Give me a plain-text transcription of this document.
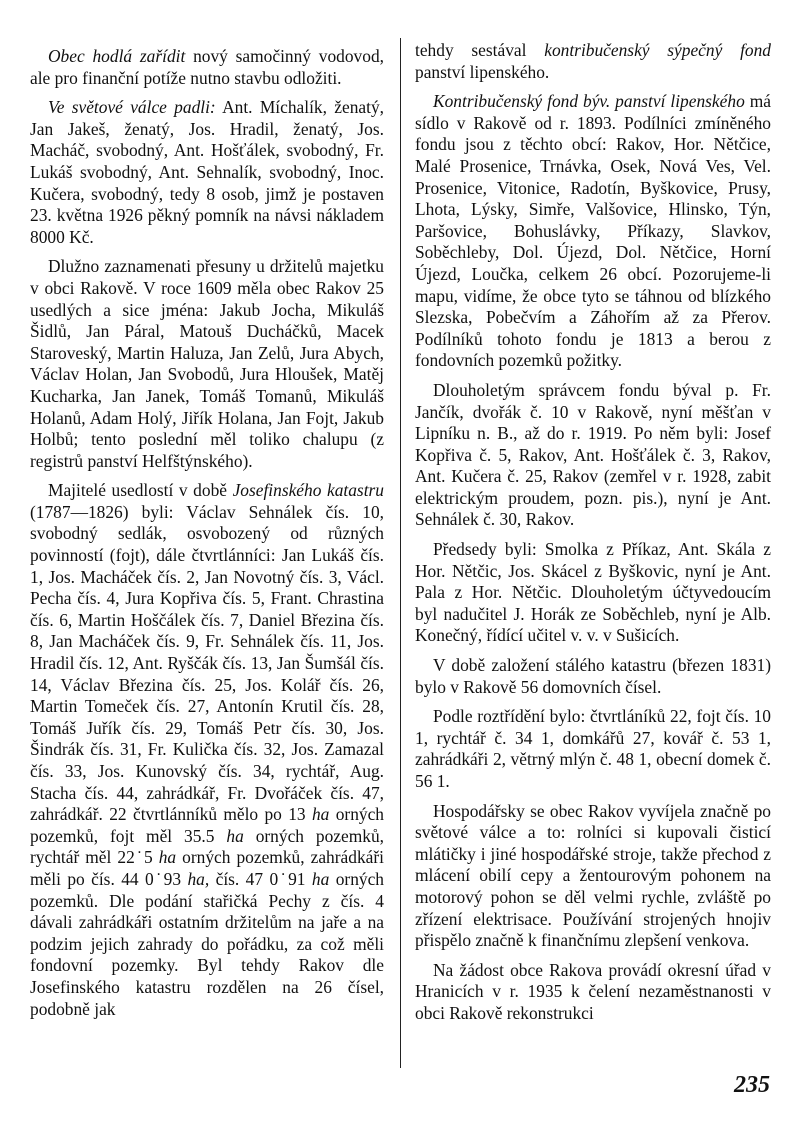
Obec hodlá zařídit nový samočinný vodovod, ale pro finanční potíže nutno stavbu odložiti.

Ve světové válce padli: Ant. Míchalík, ženatý, Jan Jakeš, ženatý, Jos. Hradil, ženatý, Jos. Macháč, svobodný, Ant. Hošťálek, svobodný, Fr. Lukáš svobodný, Ant. Sehnalík, svobodný, Inoc. Kučera, svobodný, tedy 8 osob, jimž je postaven 23. května 1926 pěkný pomník na návsi nákladem 8000 Kč.

Dlužno zaznamenati přesuny u držitelů majetku v obci Rakově. V roce 1609 měla obec Rakov 25 usedlých a sice jména: Jakub Jocha, Mikuláš Šidlů, Jan Páral, Matouš Ducháčků, Macek Staroveský, Martin Haluza, Jan Zelů, Jura Abych, Václav Holan, Jan Svobodů, Jura Hloušek, Matěj Kucharka, Jan Janek, Tomáš Tomanů, Mikuláš Holanů, Adam Holý, Jiřík Holana, Jan Fojt, Jakub Holbů; tento poslední měl toliko chalupu (z registrů panství Helfštýnského).

Majitelé usedlostí v době Josefinského katastru (1787—1826) byli: Václav Sehnálek čís. 10, svobodný sedlák, osvobozený od různých povinností (fojt), dále čtvrtlánníci: Jan Lukáš čís. 1, Jos. Macháček čís. 2, Jan Novotný čís. 3, Václ. Pecha čís. 4, Jura Kopřiva čís. 5, Frant. Chrastina čís. 6, Martin Hoščálek čís. 7, Daniel Březina čís. 8, Jan Macháček čís. 9, Fr. Sehnálek čís. 11, Jos. Hradil čís. 12, Ant. Ryščák čís. 13, Jan Šumšál čís. 14, Václav Březina čís. 25, Jos. Kolář čís. 26, Martin Tomeček čís. 27, Antonín Krutil čís. 28, Tomáš Juřík čís. 29, Tomáš Petr čís. 30, Jos. Šindrák čís. 31, Fr. Kulička čís. 32, Jos. Zamazal čís. 33, Jos. Kunovský čís. 34, rychtář, Aug. Stacha čís. 44, zahrádkář, Fr. Dvořáček čís. 47, zahrádkář. 22 čtvrtlánníků mělo po 13 ha orných pozemků, fojt měl 35.5 ha orných pozemků, rychtář měl 22˙5 ha orných pozemků, zahrádkáři měli po čís. 44 0˙93 ha, čís. 47 0˙91 ha orných pozemků. Dle podání stařičká Pechy z čís. 4 dávali zahrádkáři ostatním držitelům na jaře a na podzim jejich zahrady do pořádku, za což měli fondovní pozemky. Byl tehdy Rakov dle Josefinského katastru rozdělen na 26 čísel, podobně jak

tehdy sestával kontribučenský sýpečný fond panství lipenského.

Kontribučenský fond býv. panství lipenského má sídlo v Rakově od r. 1893. Podílníci zmíněného fondu jsou z těchto obcí: Rakov, Hor. Nětčice, Malé Prosenice, Trnávka, Osek, Nová Ves, Vel. Prosenice, Vitonice, Radotín, Byškovice, Prusy, Lhota, Lýsky, Simře, Valšovice, Hlinsko, Týn, Paršovice, Bohuslávky, Příkazy, Slavkov, Soběchleby, Dol. Újezd, Dol. Nětčice, Horní Újezd, Loučka, celkem 26 obcí. Pozorujeme-li mapu, vidíme, že obce tyto se táhnou od blízkého Slezska, Pobečvím a Záhořím až za Přerov. Podílníků tohoto fondu je 1813 a berou z fondovních pozemků požitky.

Dlouholetým správcem fondu býval p. Fr. Jančík, dvořák č. 10 v Rakově, nyní měšťan v Lipníku n. B., až do r. 1919. Po něm byli: Josef Kopřiva č. 5, Rakov, Ant. Hošťálek č. 3, Rakov, Ant. Kučera č. 25, Rakov (zemřel v r. 1928, zabit elektrickým proudem, pozn. pis.), nyní je Ant. Sehnálek č. 30, Rakov.

Předsedy byli: Smolka z Příkaz, Ant. Skála z Hor. Nětčic, Jos. Skácel z Byškovic, nyní je Ant. Pala z Hor. Nětčic. Dlouholetým účtyvedoucím byl nadučitel J. Horák ze Soběchleb, nyní je Alb. Konečný, řídící učitel v. v. v Sušicích.

V době založení stálého katastru (březen 1831) bylo v Rakově 56 domovních čísel.

Podle roztřídění bylo: čtvrtláníků 22, fojt čís. 10 1, rychtář č. 34 1, domkářů 27, kovář č. 53 1, zahrádkáři 2, větrný mlýn č. 48 1, obecní domek č. 56 1.

Hospodářsky se obec Rakov vyvíjela značně po světové válce a to: rolníci si kupovali čisticí mlátičky i jiné hospodářské stroje, takže přechod z mlácení obilí cepy a žentourovým pohonem na motorový pohon se děl velmi rychle, zvláště po zřízení elektrisace. Používání strojených hnojiv přispělo značně k finančnímu zlepšení venkova.

Na žádost obce Rakova provádí okresní úřad v Hranicích v r. 1935 k čelení nezaměstnanosti v obci Rakově rekonstrukci

235
